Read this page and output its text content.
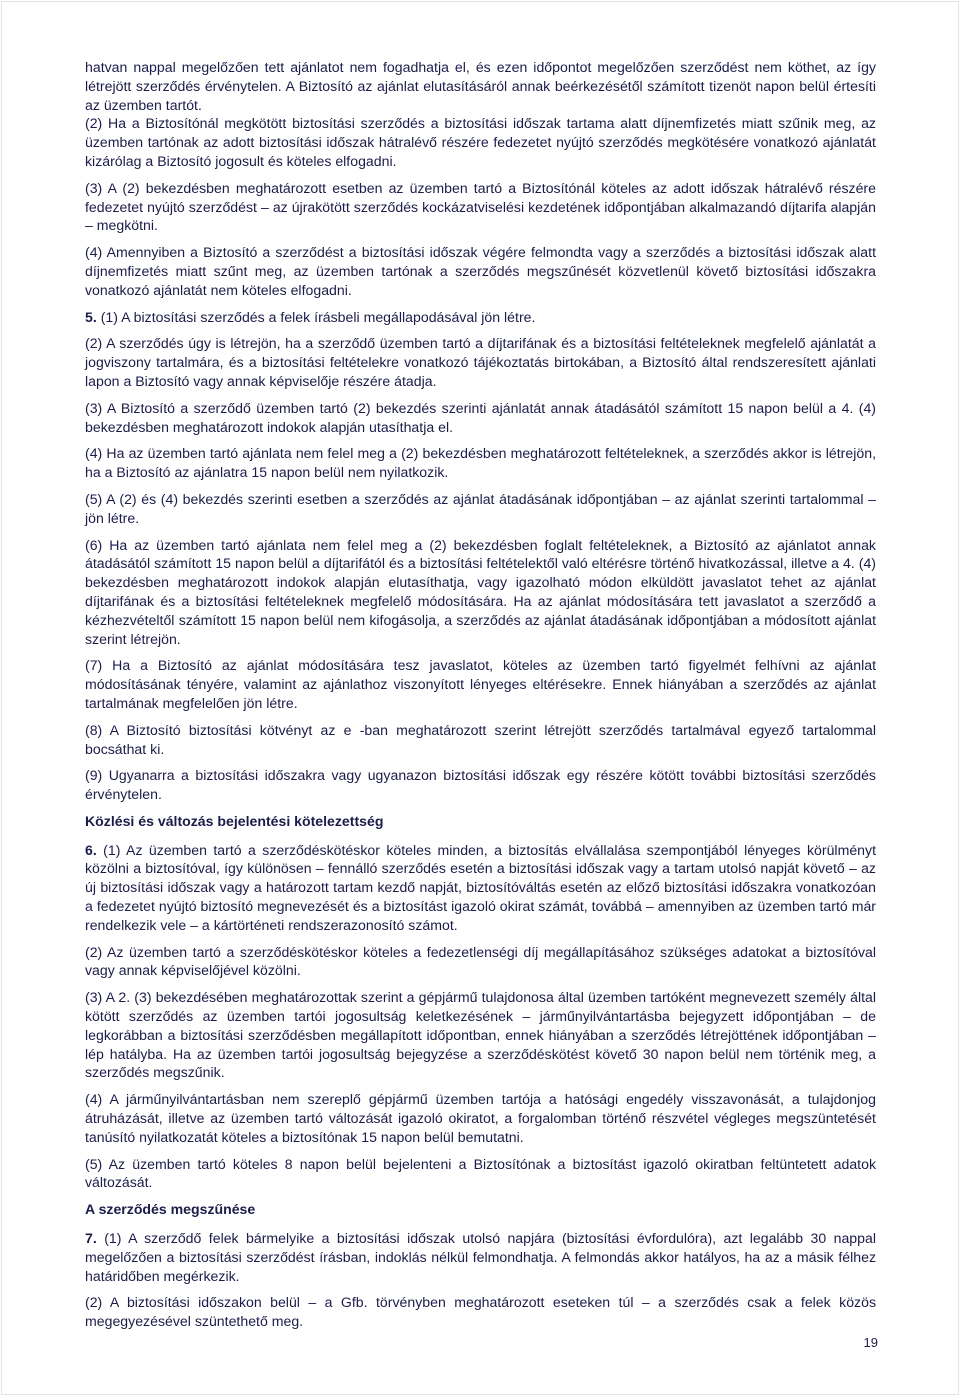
hatvan nappal megelőzően tett ajánlatot nem fogadhatja el, és ezen időpontot megelőzően szerződést nem köthet, az így létrejött szerződés érvénytelen. A Biztosító az ajánlat elutasításáról annak beérkezésétől számított tizenöt napon belül értesíti az üzemben tartót.

(2) Ha a Biztosítónál megkötött biztosítási szerződés a biztosítási időszak tartama alatt díjnemfizetés miatt szűnik meg, az üzemben tartónak az adott biztosítási időszak hátralévő részére fedezetet nyújtó szerződés megkötésére vonatkozó ajánlatát kizárólag a Biztosító jogosult és köteles elfogadni.

(3) A (2) bekezdésben meghatározott esetben az üzemben tartó a Biztosítónál köteles az adott időszak hátralévő részére fedezetet nyújtó szerződést – az újrakötött szerződés kockázatviselési kezdetének időpontjában alkalmazandó díjtarifa alapján – megkötni.

(4) Amennyiben a Biztosító a szerződést a biztosítási időszak végére felmondta vagy a szerződés a biztosítási időszak alatt díjnemfizetés miatt szűnt meg, az üzemben tartónak a szerződés megszűnését közvetlenül követő biztosítási időszakra vonatkozó ajánlatát nem köteles elfogadni.

5. (1) A biztosítási szerződés a felek írásbeli megállapodásával jön létre.

(2) A szerződés úgy is létrejön, ha a szerződő üzemben tartó a díjtarifának és a biztosítási feltételeknek megfelelő ajánlatát a jogviszony tartalmára, és a biztosítási feltételekre vonatkozó tájékoztatás birtokában, a Biztosító által rendszeresített ajánlati lapon a Biztosító vagy annak képviselője részére átadja.

(3) A Biztosító a szerződő üzemben tartó (2) bekezdés szerinti ajánlatát annak átadásától számított 15 napon belül a 4. (4) bekezdésben meghatározott indokok alapján utasíthatja el.

(4) Ha az üzemben tartó ajánlata nem felel meg a (2) bekezdésben meghatározott feltételeknek, a szerződés akkor is létrejön, ha a Biztosító az ajánlatra 15 napon belül nem nyilatkozik.

(5) A (2) és (4) bekezdés szerinti esetben a szerződés az ajánlat átadásának időpontjában – az ajánlat szerinti tartalommal – jön létre.

(6) Ha az üzemben tartó ajánlata nem felel meg a (2) bekezdésben foglalt feltételeknek, a Biztosító az ajánlatot annak átadásától számított 15 napon belül a díjtarifától és a biztosítási feltételektől való eltérésre történő hivatkozással, illetve a 4. (4) bekezdésben meghatározott indokok alapján elutasíthatja, vagy igazolható módon elküldött javaslatot tehet az ajánlat díjtarifának és a biztosítási feltételeknek megfelelő módosítására. Ha az ajánlat módosítására tett javaslatot a szerződő a kézhezvételtől számított 15 napon belül nem kifogásolja, a szerződés az ajánlat átadásának időpontjában a módosított ajánlat szerint létrejön.

(7) Ha a Biztosító az ajánlat módosítására tesz javaslatot, köteles az üzemben tartó figyelmét felhívni az ajánlat módosításának tényére, valamint az ajánlathoz viszonyított lényeges eltérésekre. Ennek hiányában a szerződés az ajánlat tartalmának megfelelően jön létre.

(8) A Biztosító biztosítási kötvényt az e -ban meghatározott szerint létrejött szerződés tartalmával egyező tartalommal bocsáthat ki.

(9) Ugyanarra a biztosítási időszakra vagy ugyanazon biztosítási időszak egy részére kötött további biztosítási szerződés érvénytelen.

Közlési és változás bejelentési kötelezettség

6. (1) Az üzemben tartó a szerződéskötéskor köteles minden, a biztosítás elvállalása szempontjából lényeges körülményt közölni a biztosítóval, így különösen – fennálló szerződés esetén a biztosítási időszak vagy a tartam utolsó napját követő – az új biztosítási időszak vagy a határozott tartam kezdő napját, biztosítóváltás esetén az előző biztosítási időszakra vonatkozóan a fedezetet nyújtó biztosító megnevezését és a biztosítást igazoló okirat számát, továbbá – amennyiben az üzemben tartó már rendelkezik vele – a kártörténeti rendszerazonosító számot.

(2) Az üzemben tartó a szerződéskötéskor köteles a fedezetlenségi díj megállapításához szükséges adatokat a biztosítóval vagy annak képviselőjével közölni.

(3) A 2. (3) bekezdésében meghatározottak szerint a gépjármű tulajdonosa által üzemben tartóként megnevezett személy által kötött szerződés az üzemben tartói jogosultság keletkezésének – járműnyilvántartásba bejegyzett időpontjában – de legkorábban a biztosítási szerződésben megállapított időpontban, ennek hiányában a szerződés létrejöttének időpontjában – lép hatályba. Ha az üzemben tartói jogosultság bejegyzése a szerződéskötést követő 30 napon belül nem történik meg, a szerződés megszűnik.

(4) A járműnyilvántartásban nem szereplő gépjármű üzemben tartója a hatósági engedély visszavonását, a tulajdonjog átruházását, illetve az üzemben tartó változását igazoló okiratot, a forgalomban történő részvétel végleges megszüntetését tanúsító nyilatkozatát köteles a biztosítónak 15 napon belül bemutatni.

(5) Az üzemben tartó köteles 8 napon belül bejelenteni a Biztosítónak a biztosítást igazoló okiratban feltüntetett adatok változását.

A szerződés megszűnése

7. (1) A szerződő felek bármelyike a biztosítási időszak utolsó napjára (biztosítási évfordulóra), azt legalább 30 nappal megelőzően a biztosítási szerződést írásban, indoklás nélkül felmondhatja. A felmondás akkor hatályos, ha az a másik félhez határidőben megérkezik.

(2) A biztosítási időszakon belül – a Gfb. törvényben meghatározott eseteken túl – a szerződés csak a felek közös megegyezésével szüntethető meg.

19
